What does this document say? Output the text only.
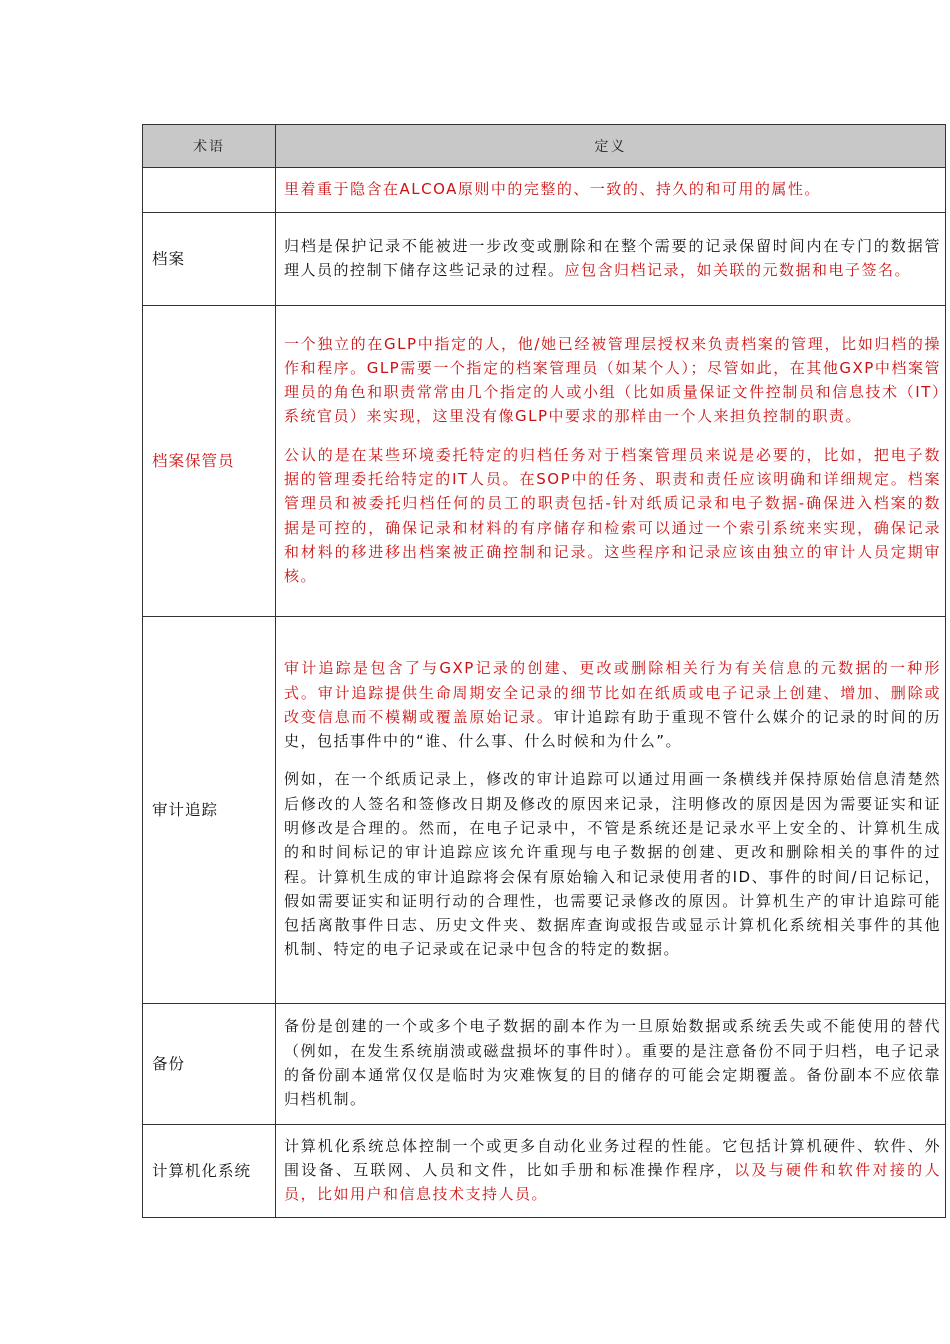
术语	定义

	里着重于隐含在ALCOA原则中的完整的、一致的、持久的和可用的属性。

档案	归档是保护记录不能被进一步改变或删除和在整个需要的记录保留时间内在专门的数据管理人员的控制下储存这些记录的过程。应包含归档记录，如关联的元数据和电子签名。

档案保管员	一个独立的在GLP中指定的人，他/她已经被管理层授权来负责档案的管理，比如归档的操作和程序。GLP需要一个指定的档案管理员（如某个人）；尽管如此，在其他GXP中档案管理员的角色和职责常常由几个指定的人或小组（比如质量保证文件控制员和信息技术（IT）系统官员）来实现，这里没有像GLP中要求的那样由一个人来担负控制的职责。

公认的是在某些环境委托特定的归档任务对于档案管理员来说是必要的，比如，把电子数据的管理委托给特定的IT人员。在SOP中的任务、职责和责任应该明确和详细规定。档案管理员和被委托归档任何的员工的职责包括-针对纸质记录和电子数据-确保进入档案的数据是可控的，确保记录和材料的有序储存和检索可以通过一个索引系统来实现，确保记录和材料的移进移出档案被正确控制和记录。这些程序和记录应该由独立的审计人员定期审核。

审计追踪	审计追踪是包含了与GXP记录的创建、更改或删除相关行为有关信息的元数据的一种形式。审计追踪提供生命周期安全记录的细节比如在纸质或电子记录上创建、增加、删除或改变信息而不模糊或覆盖原始记录。审计追踪有助于重现不管什么媒介的记录的时间的历史，包括事件中的“谁、什么事、什么时候和为什么”。

例如，在一个纸质记录上，修改的审计追踪可以通过用画一条横线并保持原始信息清楚然后修改的人签名和签修改日期及修改的原因来记录，注明修改的原因是因为需要证实和证明修改是合理的。然而，在电子记录中，不管是系统还是记录水平上安全的、计算机生成的和时间标记的审计追踪应该允许重现与电子数据的创建、更改和删除相关的事件的过程。计算机生成的审计追踪将会保有原始输入和记录使用者的ID、事件的时间/日记标记，假如需要证实和证明行动的合理性，也需要记录修改的原因。计算机生产的审计追踪可能包括离散事件日志、历史文件夹、数据库查询或报告或显示计算机化系统相关事件的其他机制、特定的电子记录或在记录中包含的特定的数据。

备份	备份是创建的一个或多个电子数据的副本作为一旦原始数据或系统丢失或不能使用的替代（例如，在发生系统崩溃或磁盘损坏的事件时）。重要的是注意备份不同于归档，电子记录的备份副本通常仅仅是临时为灾难恢复的目的储存的可能会定期覆盖。备份副本不应依靠归档机制。

计算机化系统	计算机化系统总体控制一个或更多自动化业务过程的性能。它包括计算机硬件、软件、外围设备、互联网、人员和文件，比如手册和标准操作程序，以及与硬件和软件对接的人员，比如用户和信息技术支持人员。
